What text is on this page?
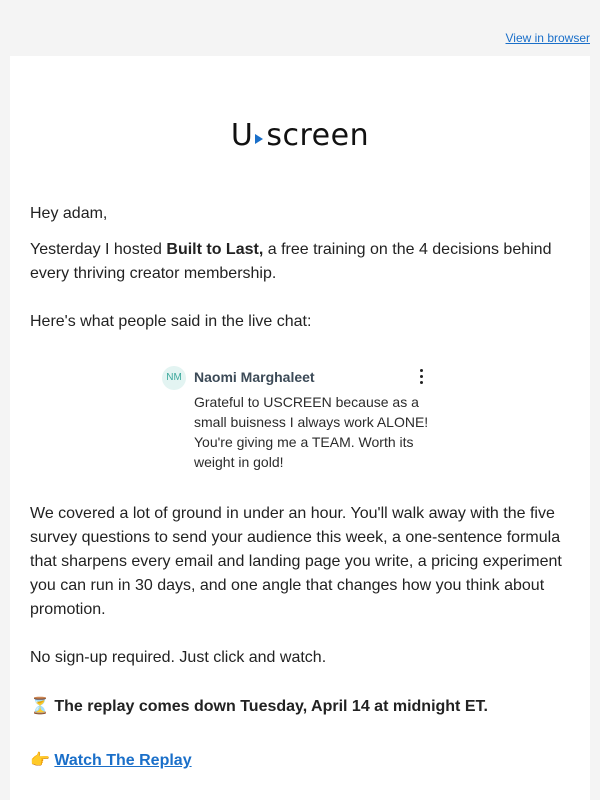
View in browser
U screen
Hey adam,
Yesterday I hosted Built to Last, a free training on the 4 decisions behind every thriving creator membership.
Here's what people said in the live chat:
NM Naomi Marghaleet
Grateful to USCREEN because as a small buisness I always work ALONE! You're giving me a TEAM. Worth its weight in gold!
We covered a lot of ground in under an hour. You'll walk away with the five survey questions to send your audience this week, a one-sentence formula that sharpens every email and landing page you write, a pricing experiment you can run in 30 days, and one angle that changes how you think about promotion.
No sign-up required. Just click and watch.
⏳ The replay comes down Tuesday, April 14 at midnight ET.
👉 Watch The Replay
